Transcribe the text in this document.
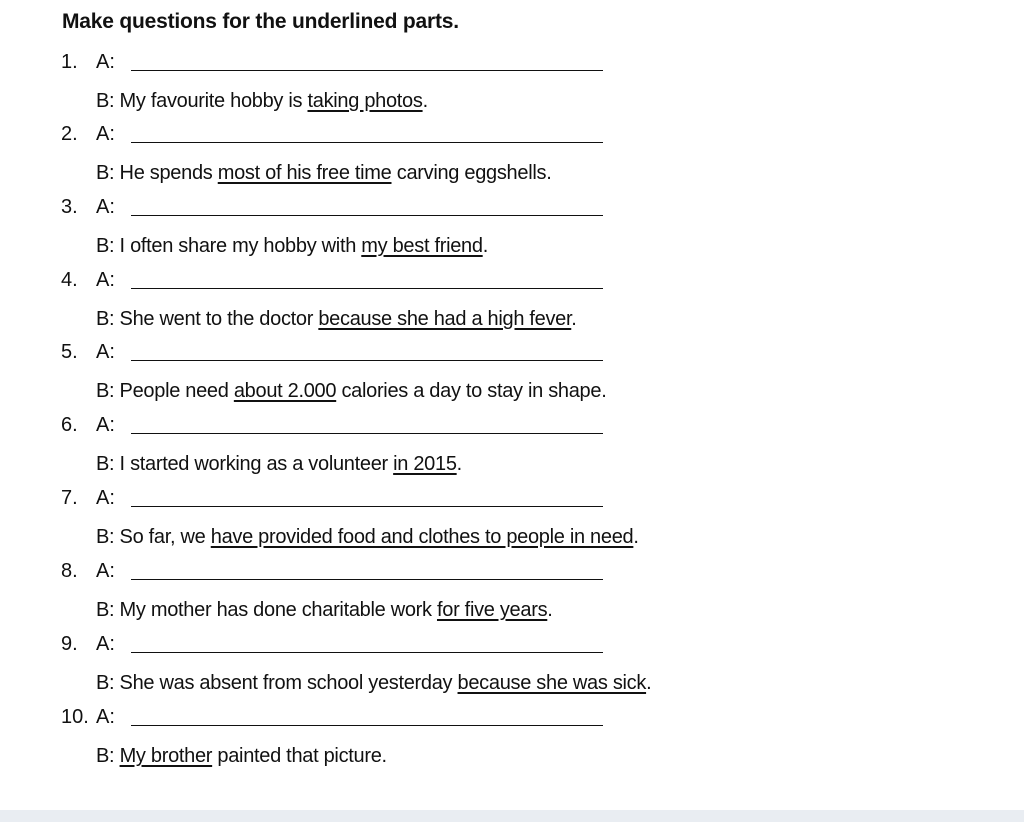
Make questions for the underlined parts.
1. A:
B: My favourite hobby is taking photos.
2. A:
B: He spends most of his free time carving eggshells.
3. A:
B: I often share my hobby with my best friend.
4. A:
B: She went to the doctor because she had a high fever.
5. A:
B: People need about 2.000 calories a day to stay in shape.
6. A:
B: I started working as a volunteer in 2015.
7. A:
B: So far, we have provided food and clothes to people in need.
8. A:
B: My mother has done charitable work for five years.
9. A:
B: She was absent from school yesterday because she was sick.
10. A:
B: My brother painted that picture.
